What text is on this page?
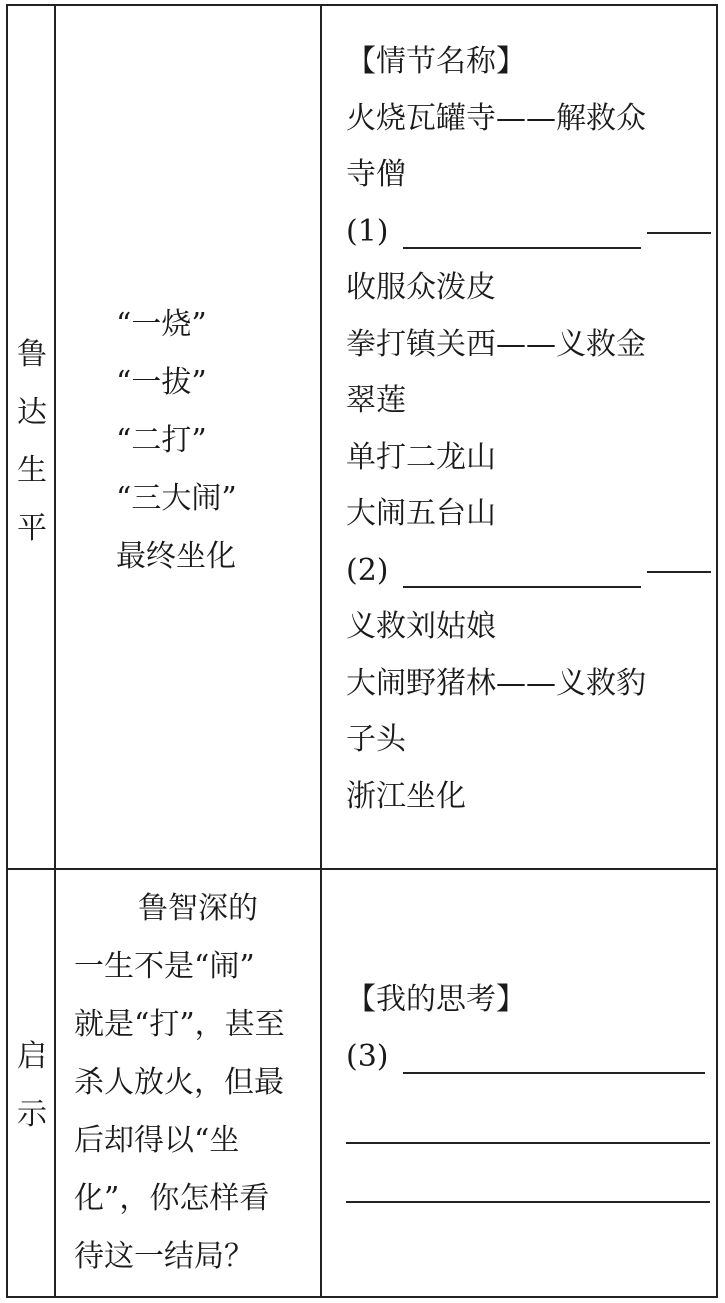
鲁
达
生
平
“一烧”
“一拔”
“二打”
“三大闹”
最终坐化
【情节名称】
火烧瓦罐寺——解救众
寺僧
(1)
收服众泼皮
拳打镇关西——义救金
翠莲
单打二龙山
大闹五台山
(2)
义救刘姑娘
大闹野猪林——义救豹
子头
浙江坐化
启
示
鲁智深的
一生不是“闹”
就是“打”，甚至
杀人放火，但最
后却得以“坐
化”，你怎样看
待这一结局？
【我的思考】
(3)
